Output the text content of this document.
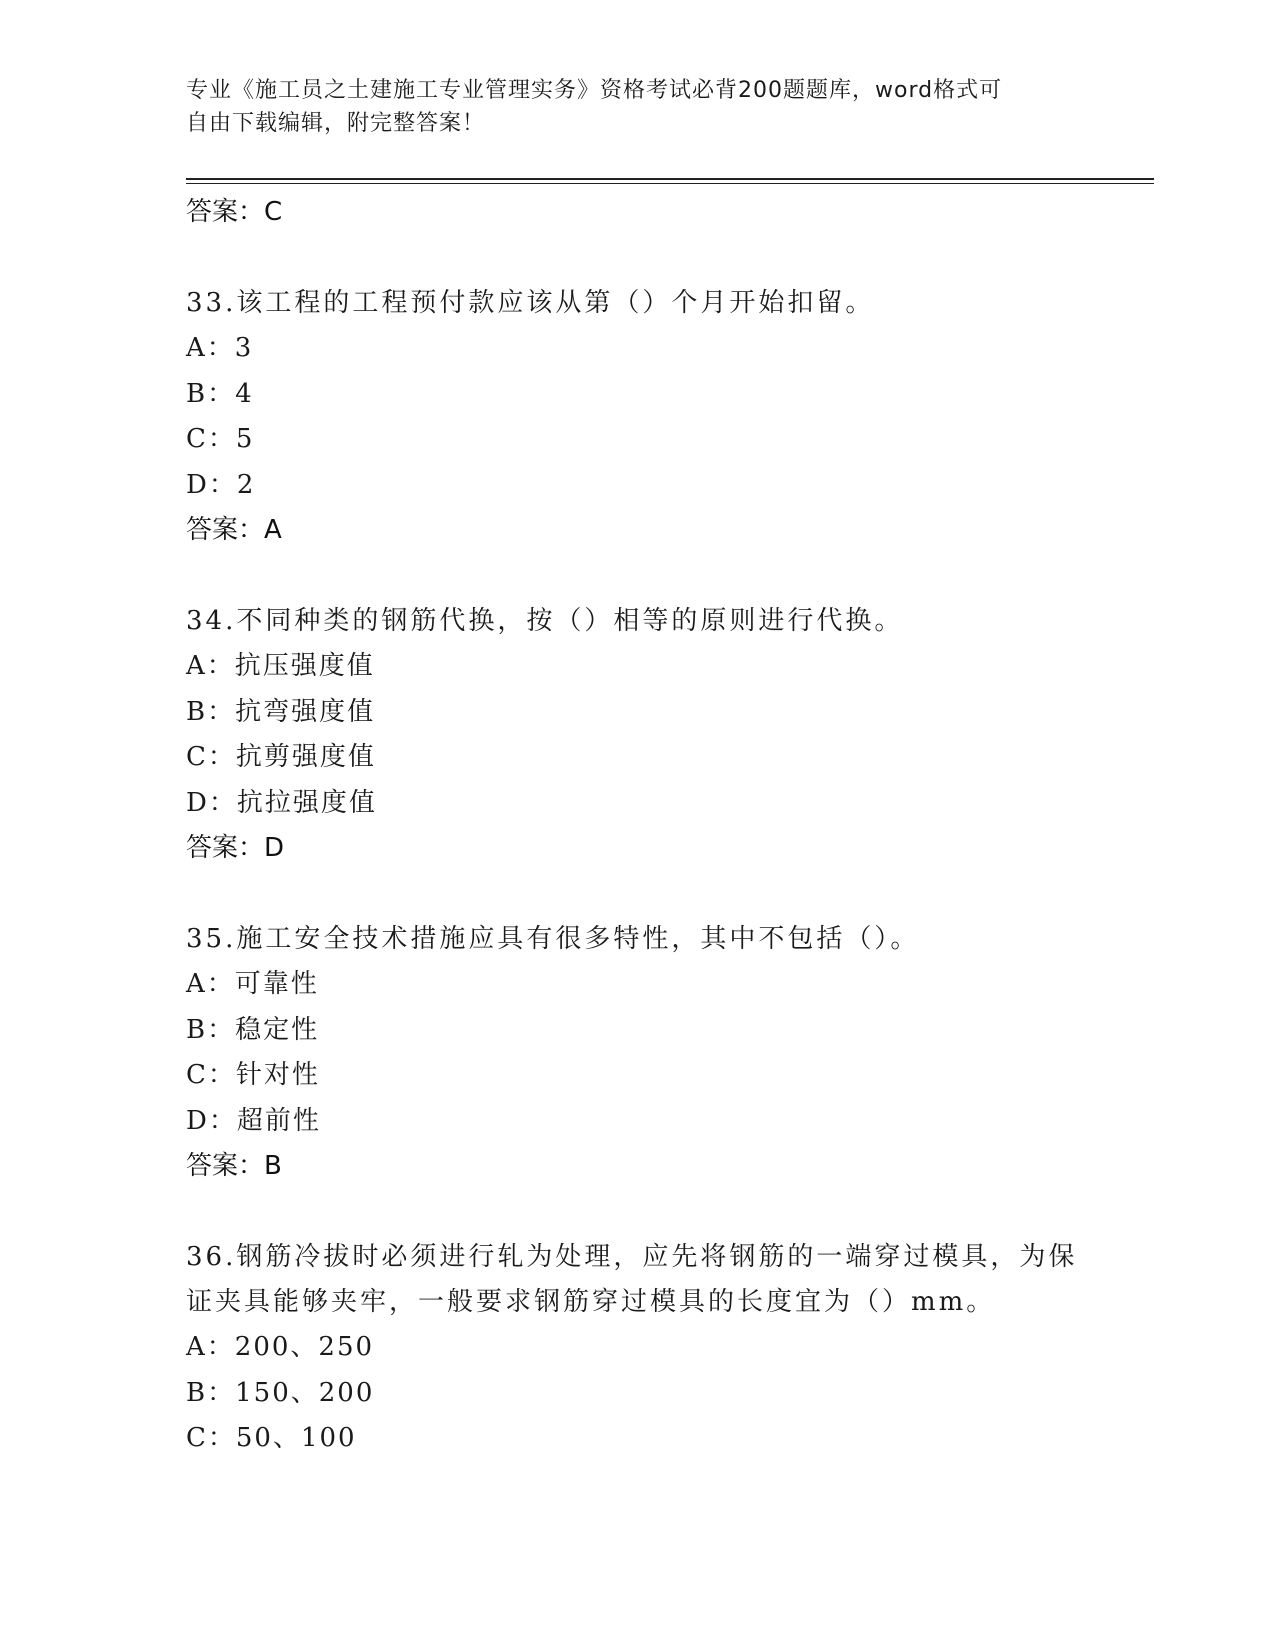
专业《施工员之土建施工专业管理实务》资格考试必背200题题库，word格式可
自由下载编辑，附完整答案！

答案：C

33.该工程的工程预付款应该从第（）个月开始扣留。

A：3

B：4

C：5

D：2

答案：A

34.不同种类的钢筋代换，按（）相等的原则进行代换。

A：抗压强度值

B：抗弯强度值

C：抗剪强度值

D：抗拉强度值

答案：D

35.施工安全技术措施应具有很多特性，其中不包括（）。

A：可靠性

B：稳定性

C：针对性

D：超前性

答案：B

36.钢筋冷拔时必须进行轧为处理，应先将钢筋的一端穿过模具，为保

证夹具能够夹牢，一般要求钢筋穿过模具的长度宜为（）mm。

A：200、250

B：150、200

C：50、100
